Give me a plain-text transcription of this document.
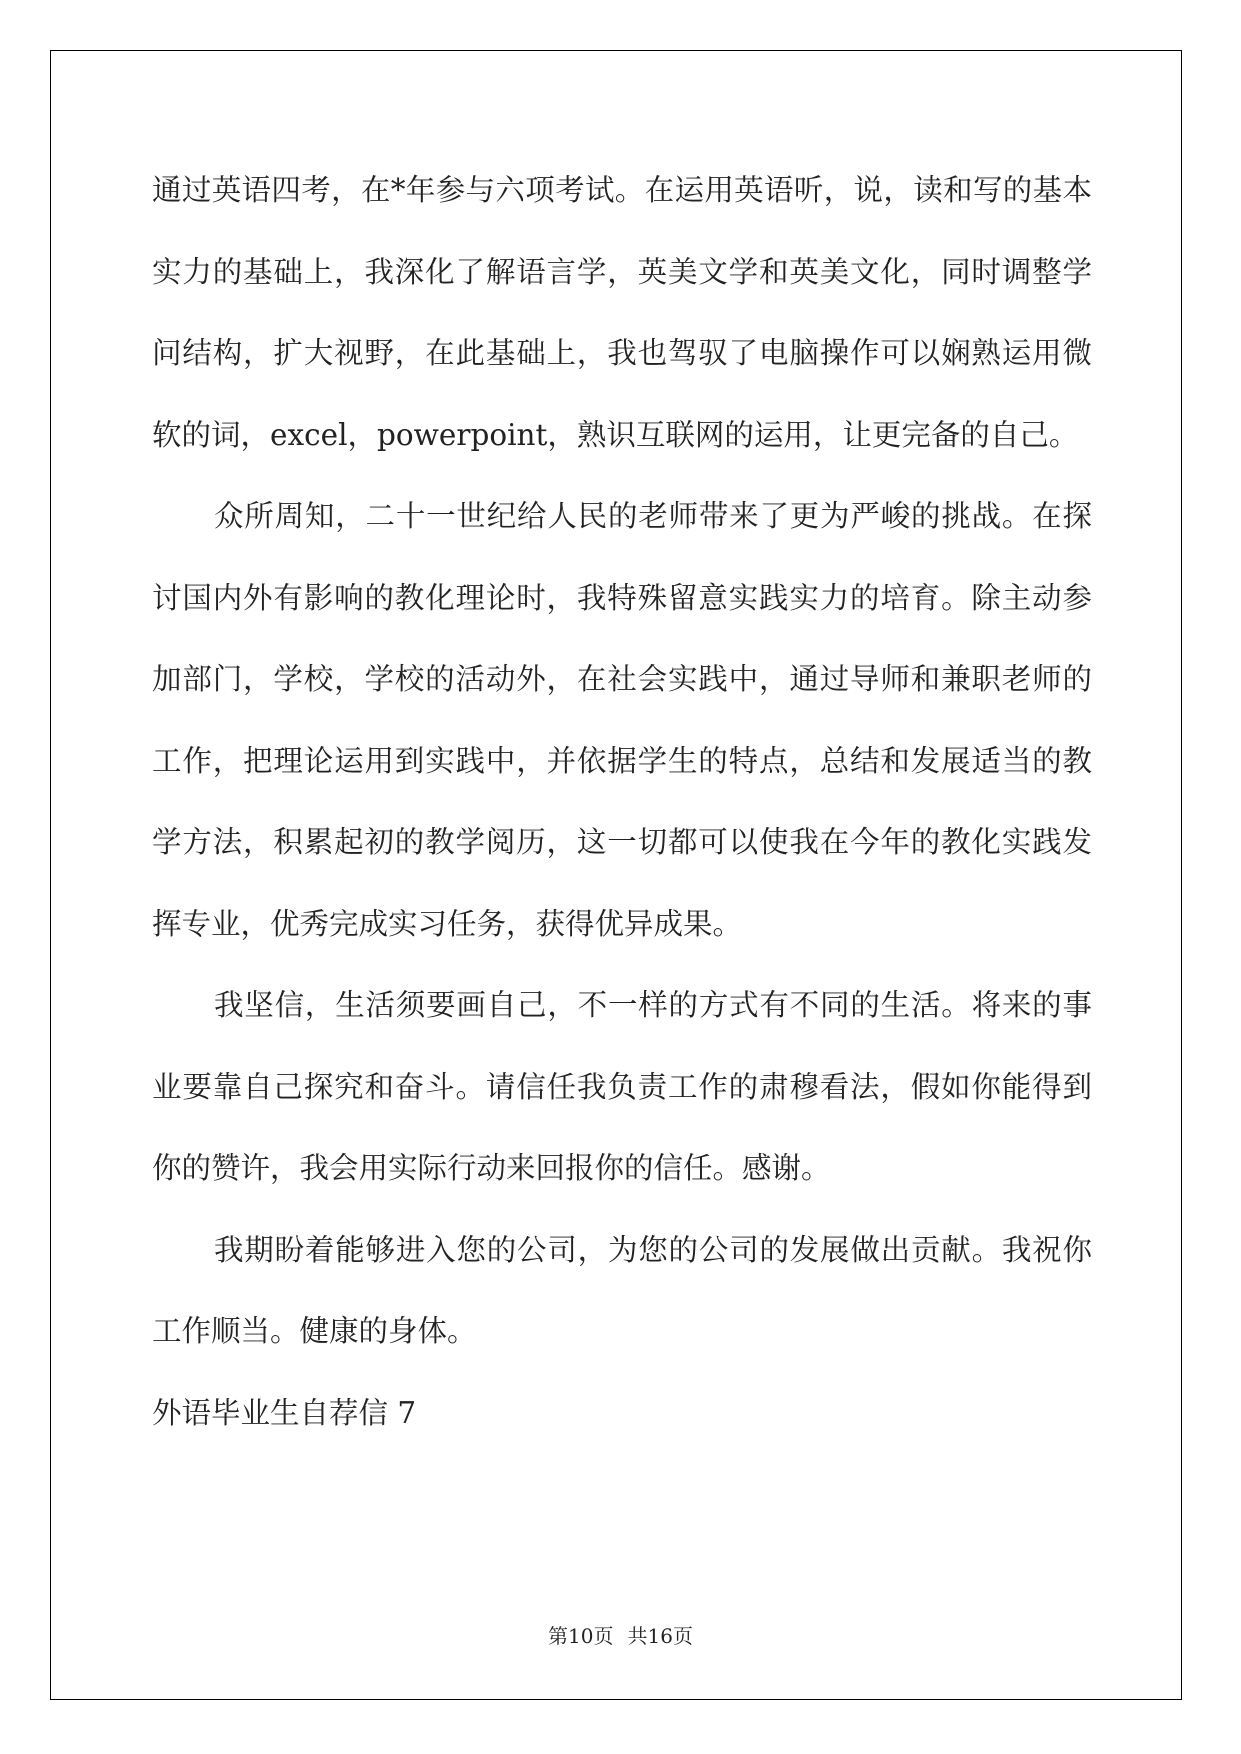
通过英语四考，在*年参与六项考试。在运用英语听，说，读和写的基本实力的基础上，我深化了解语言学，英美文学和英美文化，同时调整学问结构，扩大视野，在此基础上，我也驾驭了电脑操作可以娴熟运用微软的词，excel，powerpoint，熟识互联网的运用，让更完备的自己。

众所周知，二十一世纪给人民的老师带来了更为严峻的挑战。在探讨国内外有影响的教化理论时，我特殊留意实践实力的培育。除主动参加部门，学校，学校的活动外，在社会实践中，通过导师和兼职老师的工作，把理论运用到实践中，并依据学生的特点，总结和发展适当的教学方法，积累起初的教学阅历，这一切都可以使我在今年的教化实践发挥专业，优秀完成实习任务，获得优异成果。

我坚信，生活须要画自己，不一样的方式有不同的生活。将来的事业要靠自己探究和奋斗。请信任我负责工作的肃穆看法，假如你能得到你的赞许，我会用实际行动来回报你的信任。感谢。

我期盼着能够进入您的公司，为您的公司的发展做出贡献。我祝你工作顺当。健康的身体。

外语毕业生自荐信 7
第10页 共16页
